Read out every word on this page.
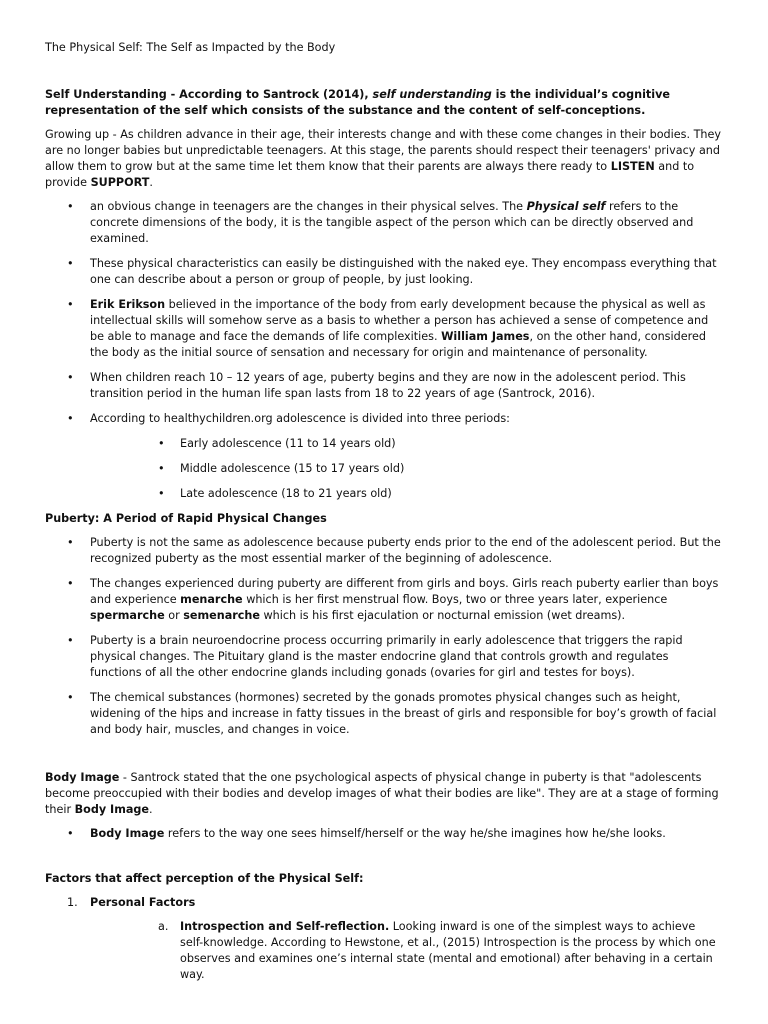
The Physical Self: The Self as Impacted by the Body

Self Understanding - According to Santrock (2014), self understanding is the individual’s cognitive representation of the self which consists of the substance and the content of self-conceptions.

Growing up - As children advance in their age, their interests change and with these come changes in their bodies. They are no longer babies but unpredictable teenagers. At this stage, the parents should respect their teenagers' privacy and allow them to grow but at the same time let them know that their parents are always there ready to LISTEN and to provide SUPPORT.

• an obvious change in teenagers are the changes in their physical selves. The Physical self refers to the concrete dimensions of the body, it is the tangible aspect of the person which can be directly observed and examined.
• These physical characteristics can easily be distinguished with the naked eye. They encompass everything that one can describe about a person or group of people, by just looking.
• Erik Erikson believed in the importance of the body from early development because the physical as well as intellectual skills will somehow serve as a basis to whether a person has achieved a sense of competence and be able to manage and face the demands of life complexities. William James, on the other hand, considered the body as the initial source of sensation and necessary for origin and maintenance of personality.
• When children reach 10 – 12 years of age, puberty begins and they are now in the adolescent period. This transition period in the human life span lasts from 18 to 22 years of age (Santrock, 2016).
• According to healthychildren.org adolescence is divided into three periods:
• Early adolescence (11 to 14 years old)
• Middle adolescence (15 to 17 years old)
• Late adolescence (18 to 21 years old)

Puberty: A Period of Rapid Physical Changes

• Puberty is not the same as adolescence because puberty ends prior to the end of the adolescent period. But the recognized puberty as the most essential marker of the beginning of adolescence.
• The changes experienced during puberty are different from girls and boys. Girls reach puberty earlier than boys and experience menarche which is her first menstrual flow. Boys, two or three years later, experience spermarche or semenarche which is his first ejaculation or nocturnal emission (wet dreams).
• Puberty is a brain neuroendocrine process occurring primarily in early adolescence that triggers the rapid physical changes. The Pituitary gland is the master endocrine gland that controls growth and regulates functions of all the other endocrine glands including gonads (ovaries for girl and testes for boys).
• The chemical substances (hormones) secreted by the gonads promotes physical changes such as height, widening of the hips and increase in fatty tissues in the breast of girls and responsible for boy’s growth of facial and body hair, muscles, and changes in voice.

Body Image - Santrock stated that the one psychological aspects of physical change in puberty is that "adolescents become preoccupied with their bodies and develop images of what their bodies are like". They are at a stage of forming their Body Image.

• Body Image refers to the way one sees himself/herself or the way he/she imagines how he/she looks.

Factors that affect perception of the Physical Self:

1. Personal Factors
a. Introspection and Self-reflection. Looking inward is one of the simplest ways to achieve self-knowledge. According to Hewstone, et al., (2015) Introspection is the process by which one observes and examines one’s internal state (mental and emotional) after behaving in a certain way.
